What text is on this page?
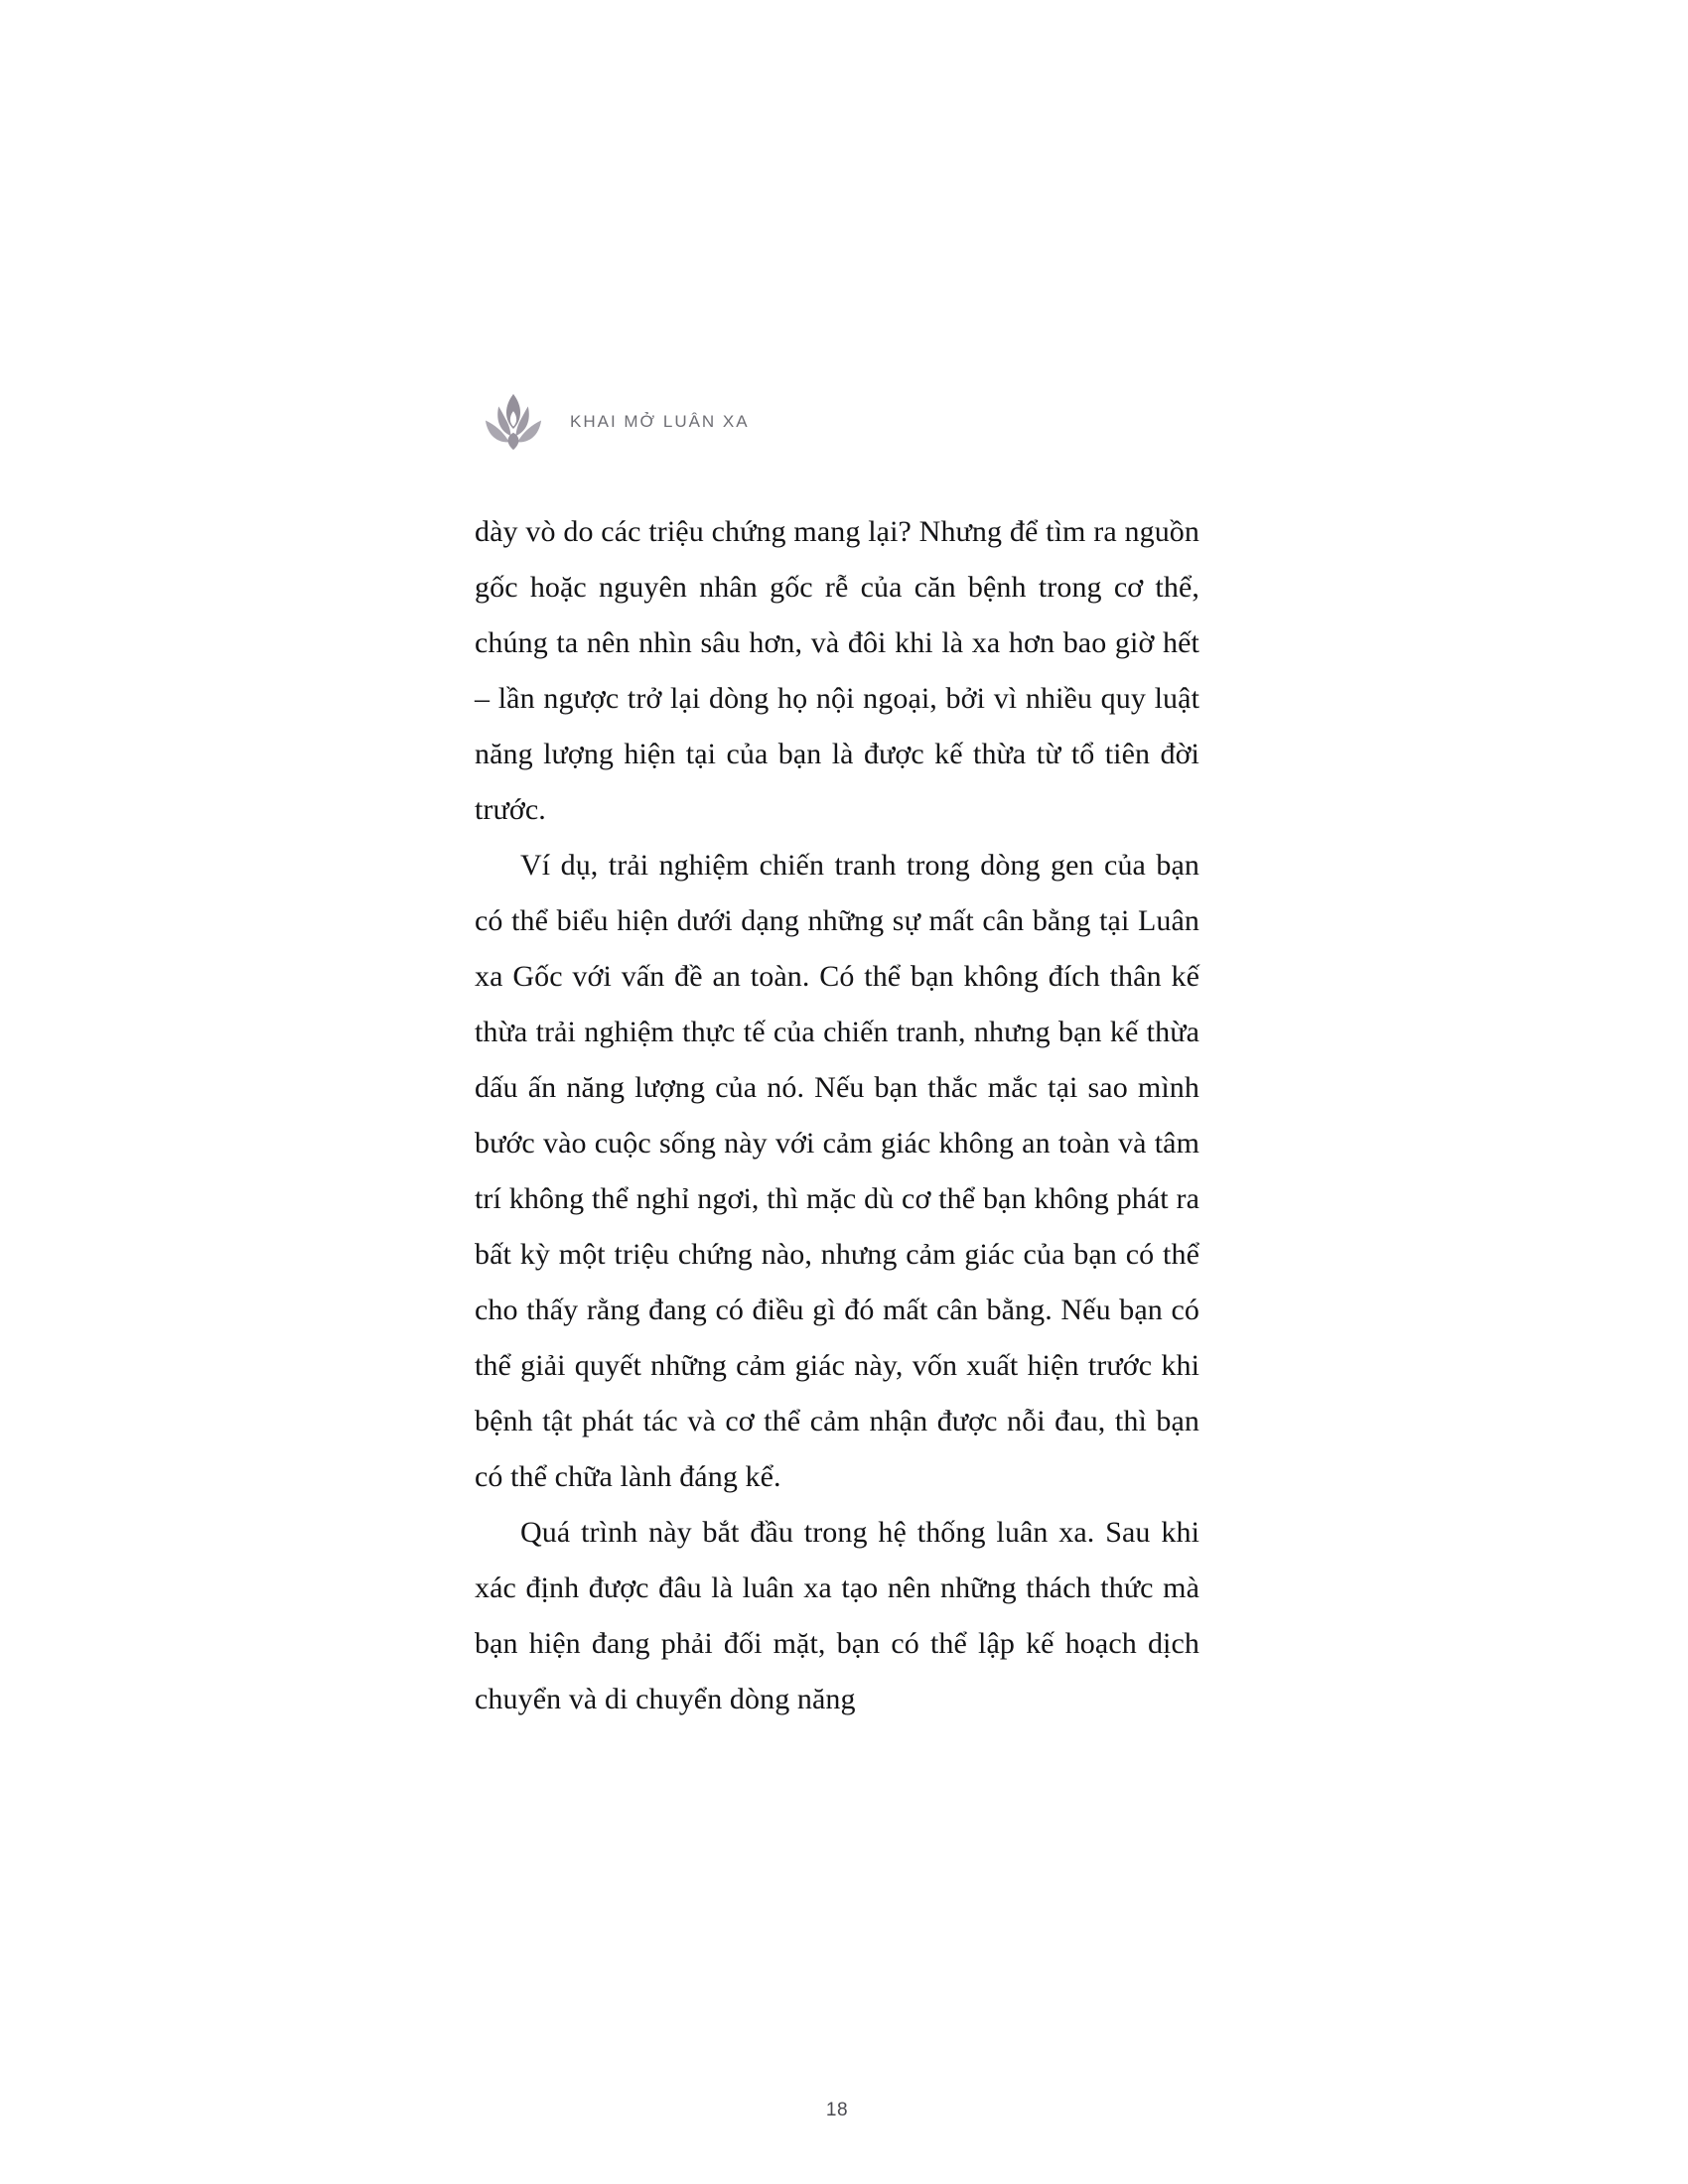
KHAI MỞ LUÂN XA

dày vò do các triệu chứng mang lại? Nhưng để tìm ra nguồn gốc hoặc nguyên nhân gốc rễ của căn bệnh trong cơ thể, chúng ta nên nhìn sâu hơn, và đôi khi là xa hơn bao giờ hết – lần ngược trở lại dòng họ nội ngoại, bởi vì nhiều quy luật năng lượng hiện tại của bạn là được kế thừa từ tổ tiên đời trước.

Ví dụ, trải nghiệm chiến tranh trong dòng gen của bạn có thể biểu hiện dưới dạng những sự mất cân bằng tại Luân xa Gốc với vấn đề an toàn. Có thể bạn không đích thân kế thừa trải nghiệm thực tế của chiến tranh, nhưng bạn kế thừa dấu ấn năng lượng của nó. Nếu bạn thắc mắc tại sao mình bước vào cuộc sống này với cảm giác không an toàn và tâm trí không thể nghỉ ngơi, thì mặc dù cơ thể bạn không phát ra bất kỳ một triệu chứng nào, nhưng cảm giác của bạn có thể cho thấy rằng đang có điều gì đó mất cân bằng. Nếu bạn có thể giải quyết những cảm giác này, vốn xuất hiện trước khi bệnh tật phát tác và cơ thể cảm nhận được nỗi đau, thì bạn có thể chữa lành đáng kể.

Quá trình này bắt đầu trong hệ thống luân xa. Sau khi xác định được đâu là luân xa tạo nên những thách thức mà bạn hiện đang phải đối mặt, bạn có thể lập kế hoạch dịch chuyển và di chuyển dòng năng

18
